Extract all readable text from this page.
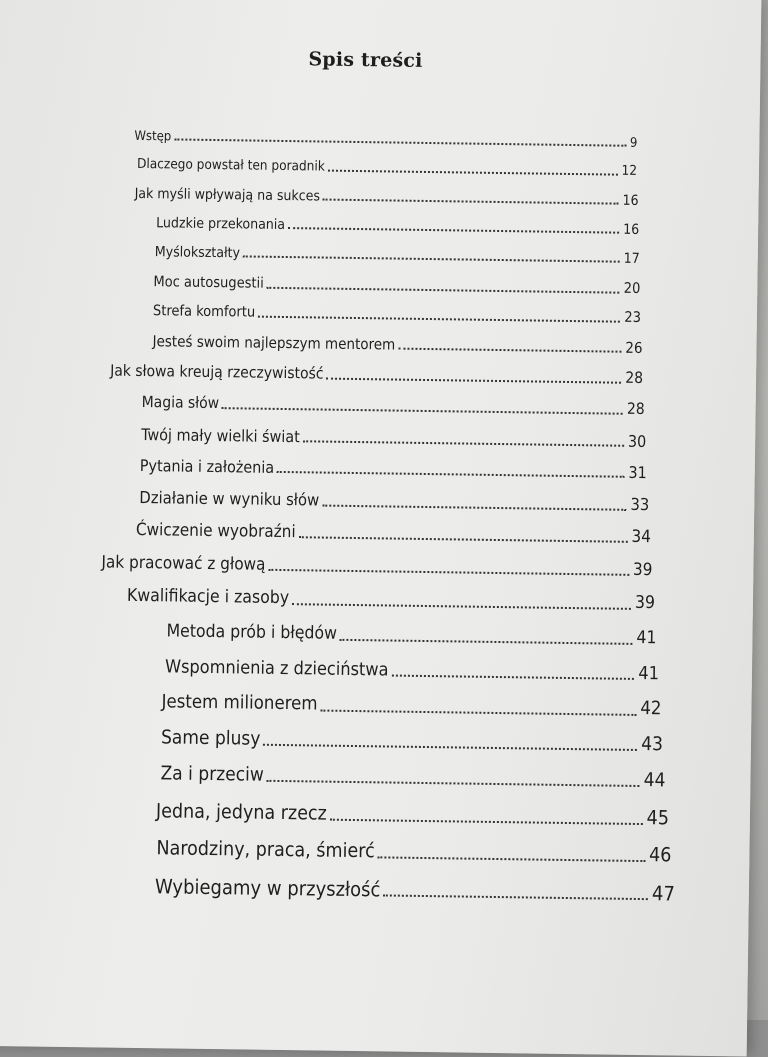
Spis treści
Wstęp	9
Dlaczego powstał ten poradnik	12
Jak myśli wpływają na sukces	16
Ludzkie przekonania	16
Myślokształty	17
Moc autosugestii	20
Strefa komfortu	23
Jesteś swoim najlepszym mentorem	26
Jak słowa kreują rzeczywistość	28
Magia słów	28
Twój mały wielki świat	30
Pytania i założenia	31
Działanie w wyniku słów	33
Ćwiczenie wyobraźni	34
Jak pracować z głową	39
Kwalifikacje i zasoby	39
Metoda prób i błędów	41
Wspomnienia z dzieciństwa	41
Jestem milionerem	42
Same plusy	43
Za i przeciw	44
Jedna, jedyna rzecz	45
Narodziny, praca, śmierć	46
Wybiegamy w przyszłość	47
